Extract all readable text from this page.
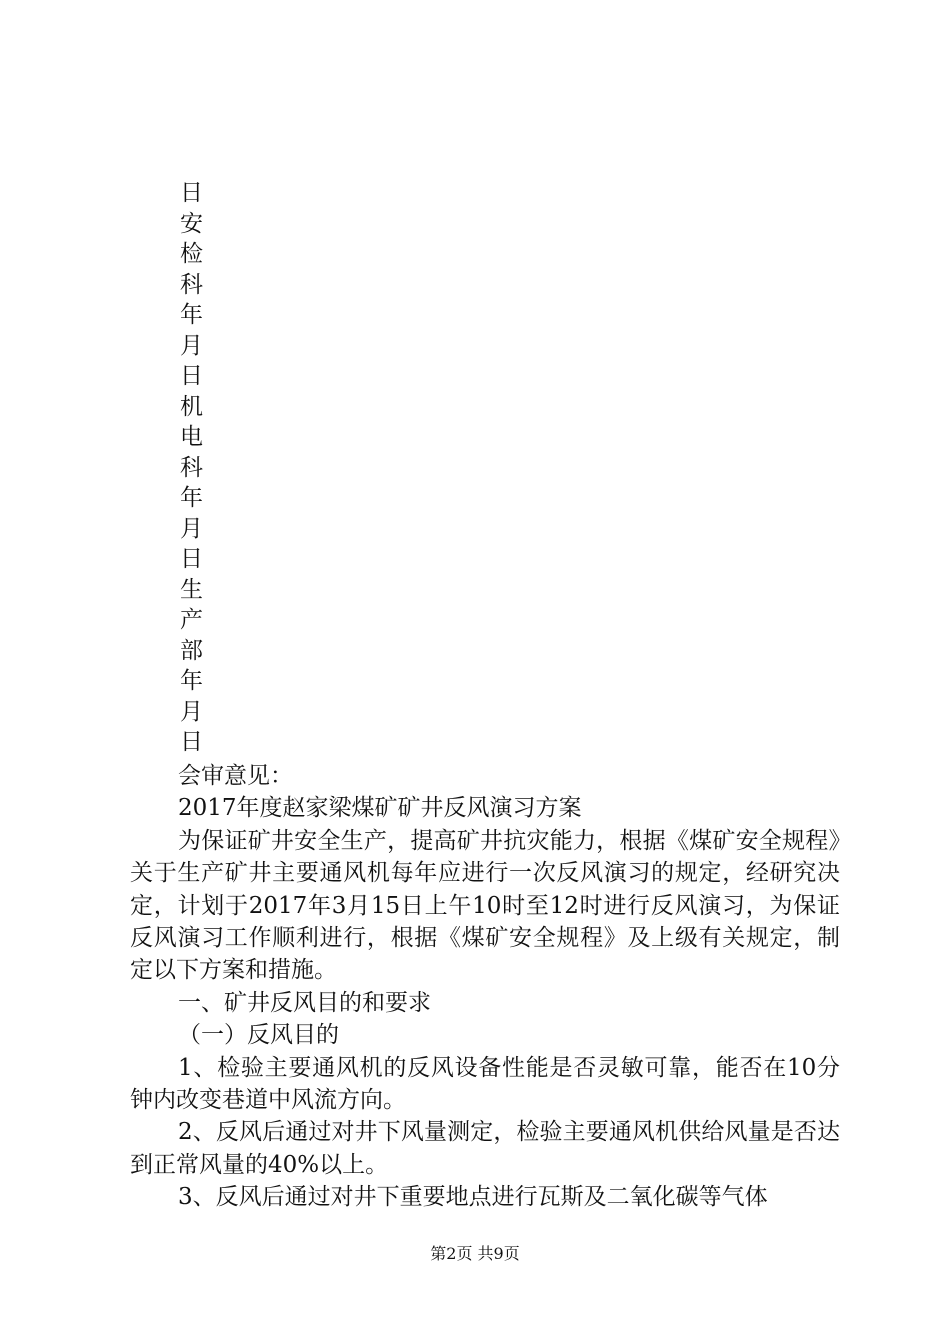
日
安
检
科
年
月
日
机
电
科
年
月
日
生
产
部
年
月
日
会审意见：
2017年度赵家梁煤矿矿井反风演习方案

为保证矿井安全生产，提高矿井抗灾能力，根据《煤矿安全规程》关于生产矿井主要通风机每年应进行一次反风演习的规定，经研究决定，计划于2017年3月15日上午10时至12时进行反风演习，为保证反风演习工作顺利进行，根据《煤矿安全规程》及上级有关规定，制定以下方案和措施。

一、矿井反风目的和要求
（一）反风目的

1、检验主要通风机的反风设备性能是否灵敏可靠，能否在10分钟内改变巷道中风流方向。

2、反风后通过对井下风量测定，检验主要通风机供给风量是否达到正常风量的40%以上。

3、反风后通过对井下重要地点进行瓦斯及二氧化碳等气体

第2页 共9页
